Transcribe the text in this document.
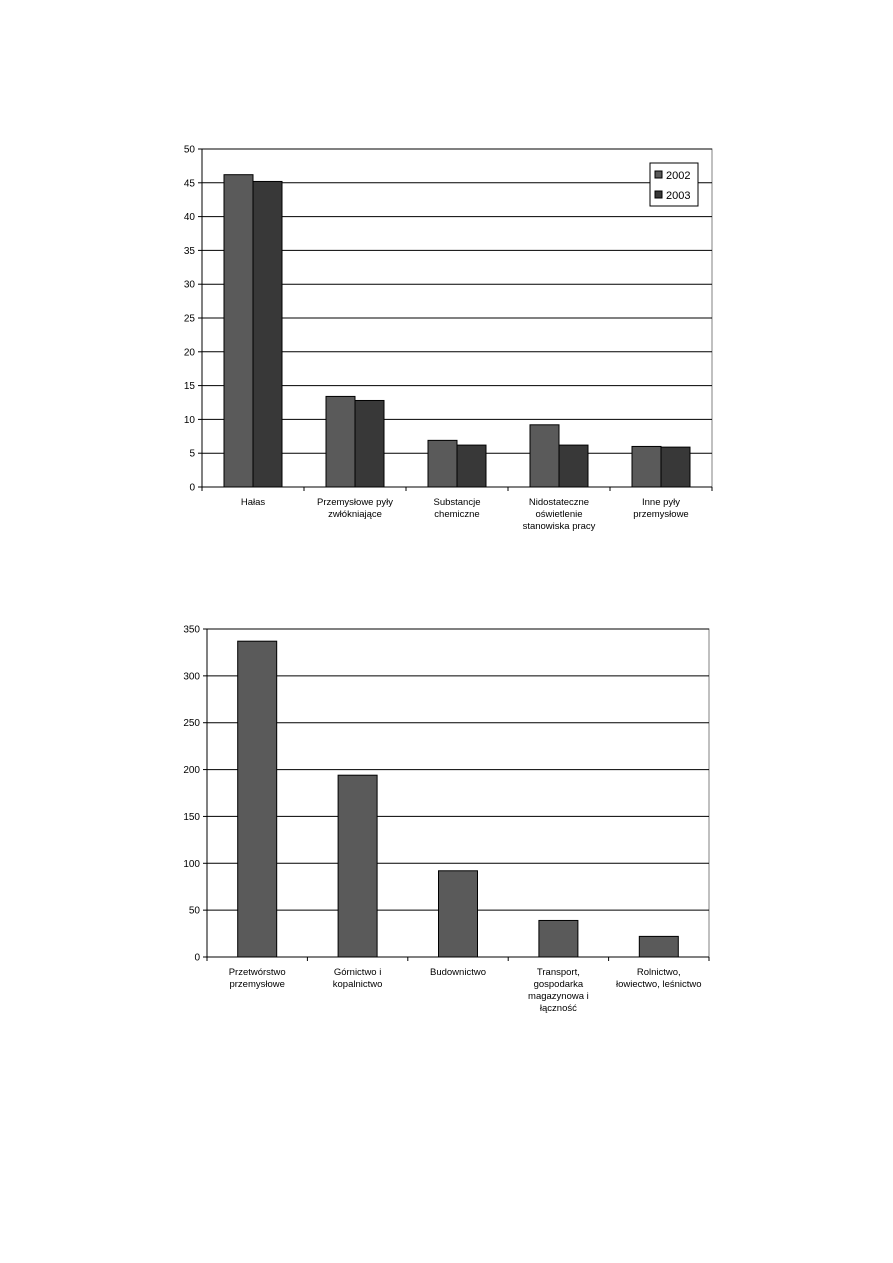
0
5
10
15
20
25
30
35
40
45
50
Hałas	Przemysłowe pyły
zwłókniające
Substancje
chemiczne
Nidostateczne
oświetlenie
stanowiska pracy
Inne pyły
przemysłowe
2002
2003
0
50
100
150
200
250
300
350
Przetwórstwo
przemysłowe
Górnictwo i
kopalnictwo
Budownictwo	Transport,
gospodarka
magazynowa i
łączność
Rolnictwo,
łowiectwo, leśnictwo
